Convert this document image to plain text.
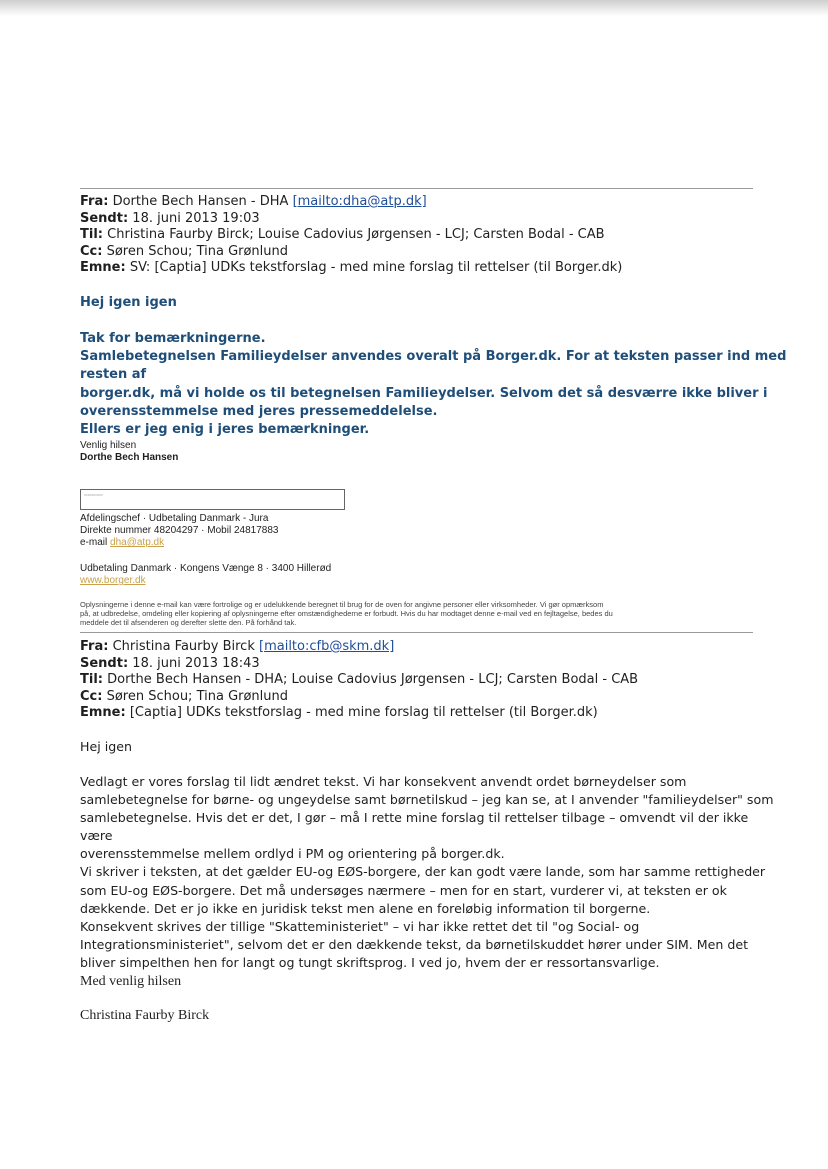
Fra: Dorthe Bech Hansen - DHA [mailto:dha@atp.dk]
Sendt: 18. juni 2013 19:03
Til: Christina Faurby Birck; Louise Cadovius Jørgensen - LCJ; Carsten Bodal - CAB
Cc: Søren Schou; Tina Grønlund
Emne: SV: [Captia] UDKs tekstforslag - med mine forslag til rettelser (til Borger.dk)
Hej igen igen
Tak for bemærkningerne.
Samlebetegnelsen Familieydelser anvendes overalt på Borger.dk. For at teksten passer ind med resten af
borger.dk, må vi holde os til betegnelsen Familieydelser. Selvom det så desværre ikke bliver i
overensstemmelse med jeres pressemeddelelse.
Ellers er jeg enig i jeres bemærkninger.
Venlig hilsen
Dorthe Bech Hansen
▭▭▭▭▭
Afdelingschef · Udbetaling Danmark - Jura
Direkte nummer 48204297 · Mobil 24817883
e-mail dha@atp.dk
Udbetaling Danmark · Kongens Vænge 8 · 3400 Hillerød
www.borger.dk
Oplysningerne i denne e-mail kan være fortrolige og er udelukkende beregnet til brug for de oven for angivne personer eller virksomheder. Vi gør opmærksom
på, at udbredelse, omdeling eller kopiering af oplysningerne efter omstændighederne er forbudt. Hvis du har modtaget denne e-mail ved en fejltagelse, bedes du
meddele det til afsenderen og derefter slette den. På forhånd tak.
Fra: Christina Faurby Birck [mailto:cfb@skm.dk]
Sendt: 18. juni 2013 18:43
Til: Dorthe Bech Hansen - DHA; Louise Cadovius Jørgensen - LCJ; Carsten Bodal - CAB
Cc: Søren Schou; Tina Grønlund
Emne: [Captia] UDKs tekstforslag - med mine forslag til rettelser (til Borger.dk)
Hej igen
Vedlagt er vores forslag til lidt ændret tekst. Vi har konsekvent anvendt ordet børneydelser som
samlebetegnelse for børne- og ungeydelse samt børnetilskud – jeg kan se, at I anvender "familieydelser" som
samlebetegnelse. Hvis det er det, I gør – må I rette mine forslag til rettelser tilbage – omvendt vil der ikke være
overensstemmelse mellem ordlyd i PM og orientering på borger.dk.
Vi skriver i teksten, at det gælder EU-og EØS-borgere, der kan godt være lande, som har samme rettigheder
som EU-og EØS-borgere. Det må undersøges nærmere – men for en start, vurderer vi, at teksten er ok
dækkende. Det er jo ikke en juridisk tekst men alene en foreløbig information til borgerne.
Konsekvent skrives der tillige "Skatteministeriet" – vi har ikke rettet det til "og Social- og
Integrationsministeriet", selvom det er den dækkende tekst, da børnetilskuddet hører under SIM. Men det
bliver simpelthen hen for langt og tungt skriftsprog. I ved jo, hvem der er ressortansvarlige.
Med venlig hilsen
Christina Faurby Birck
